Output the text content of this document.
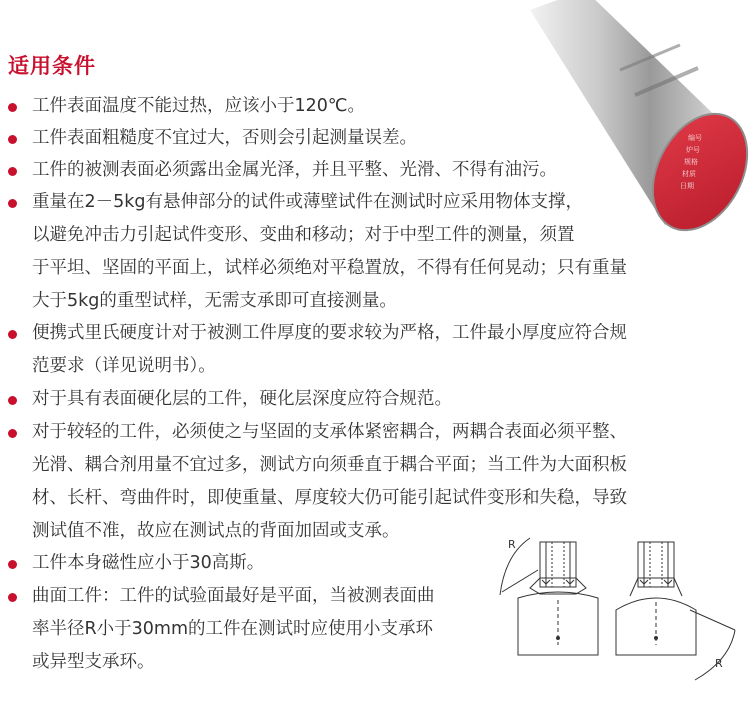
编号
炉号
规格
材质
日期
适用条件
工件表面温度不能过热，应该小于120℃。
工件表面粗糙度不宜过大，否则会引起测量误差。
工件的被测表面必须露出金属光泽，并且平整、光滑、不得有油污。
重量在2－5kg有悬伸部分的试件或薄壁试件在测试时应采用物体支撑，
以避免冲击力引起试件变形、变曲和移动；对于中型工件的测量，须置
于平坦、坚固的平面上，试样必须绝对平稳置放，不得有任何晃动；只有重量
大于5kg的重型试样，无需支承即可直接测量。
便携式里氏硬度计对于被测工件厚度的要求较为严格，工件最小厚度应符合规
范要求（详见说明书）。
对于具有表面硬化层的工件，硬化层深度应符合规范。
对于较轻的工件，必须使之与坚固的支承体紧密耦合，两耦合表面必须平整、
光滑、耦合剂用量不宜过多，测试方向须垂直于耦合平面；当工件为大面积板
材、长杆、弯曲件时，即使重量、厚度较大仍可能引起试件变形和失稳，导致
测试值不准，故应在测试点的背面加固或支承。
工件本身磁性应小于30高斯。
曲面工件：工件的试验面最好是平面，当被测表面曲
率半径R小于30mm的工件在测试时应使用小支承环
或异型支承环。
R
R
